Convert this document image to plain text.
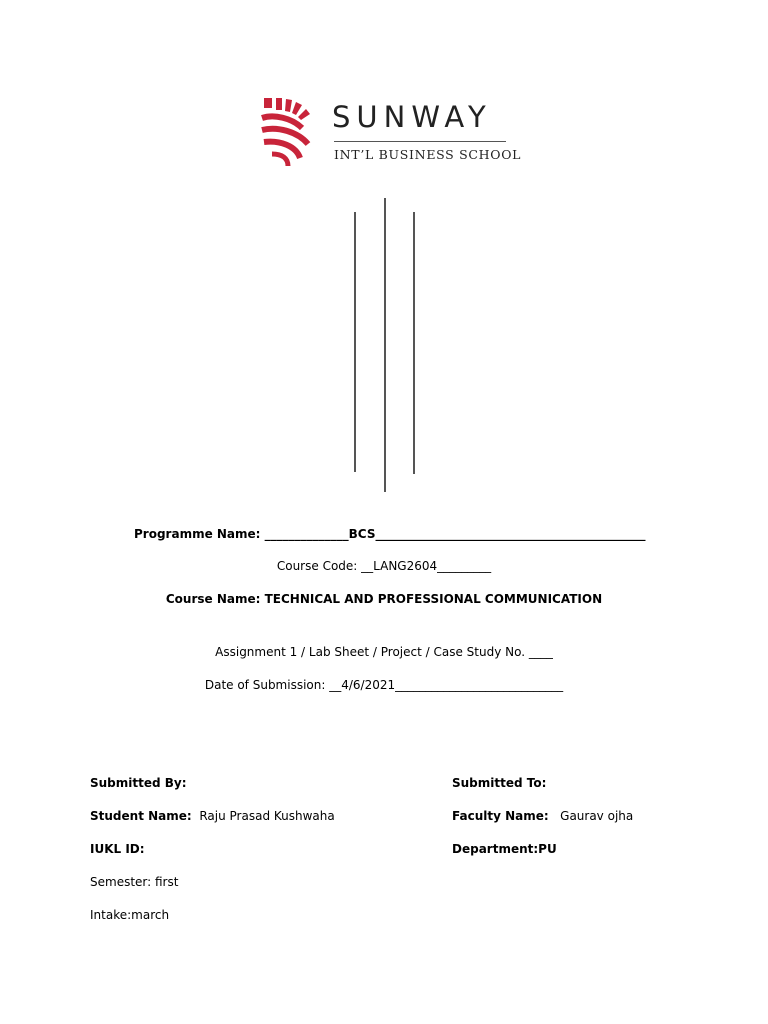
SUNWAY
INT’L BUSINESS SCHOOL
Programme Name: ______________BCS_____________________________________________
Course Code: __LANG2604_________
Course Name: TECHNICAL AND PROFESSIONAL COMMUNICATION
Assignment 1 / Lab Sheet / Project / Case Study No. ____
Date of Submission: __4/6/2021____________________________
Submitted By:
Student Name: Raju Prasad Kushwaha
IUKL ID:
Semester: first
Intake:march
Submitted To:
Faculty Name: Gaurav ojha
Department:PU
